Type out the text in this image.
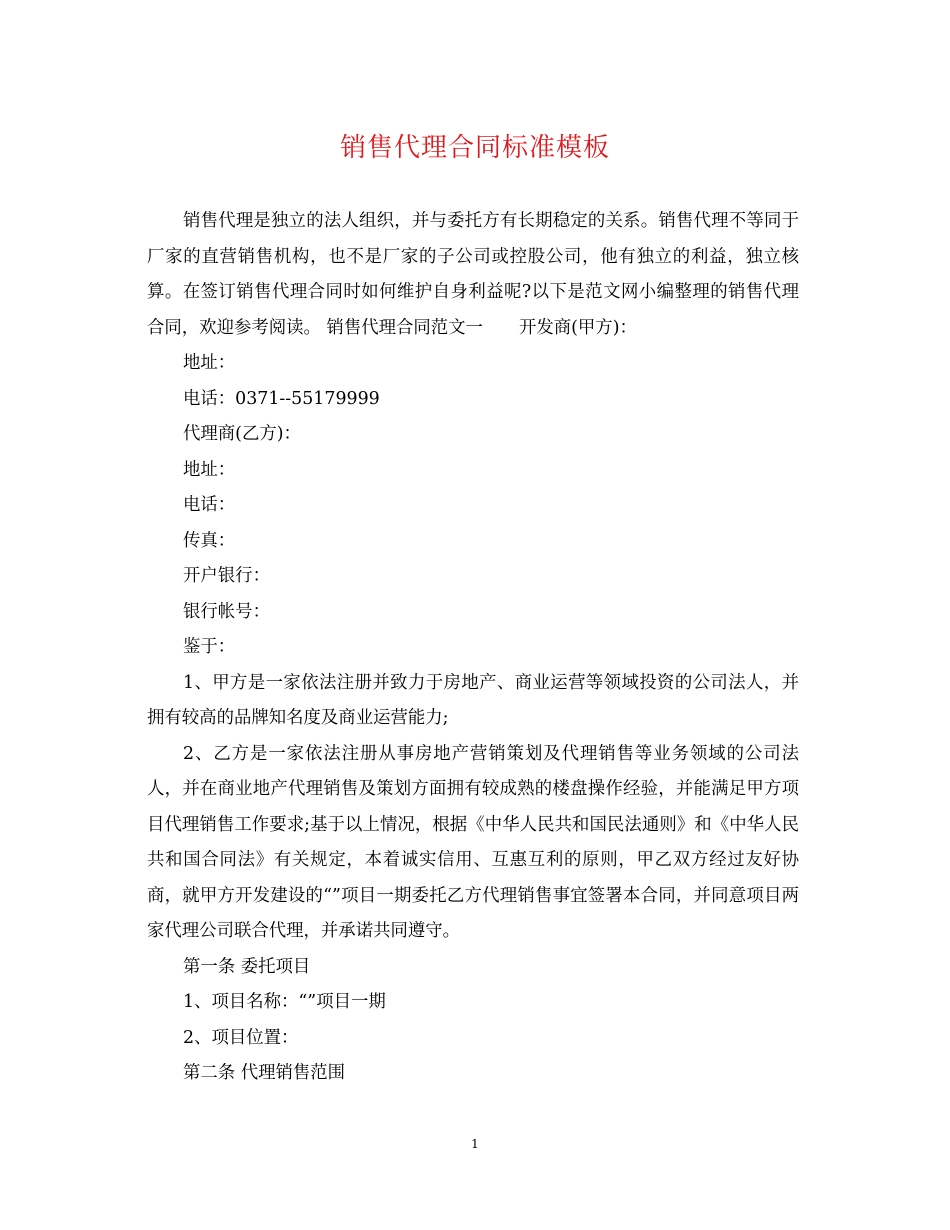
销售代理合同标准模板

销售代理是独立的法人组织，并与委托方有长期稳定的关系。销售代理不等同于厂家的直营销售机构，也不是厂家的子公司或控股公司，他有独立的利益，独立核算。在签订销售代理合同时如何维护自身利益呢?以下是范文网小编整理的销售代理合同，欢迎参考阅读。 销售代理合同范文一 开发商(甲方)：

地址：

电话：0371--55179999

代理商(乙方)：

地址：

电话：

传真：

开户银行：

银行帐号：

鉴于：

1、甲方是一家依法注册并致力于房地产、商业运营等领域投资的公司法人，并拥有较高的品牌知名度及商业运营能力;

2、乙方是一家依法注册从事房地产营销策划及代理销售等业务领域的公司法人，并在商业地产代理销售及策划方面拥有较成熟的楼盘操作经验，并能满足甲方项目代理销售工作要求;基于以上情况，根据《中华人民共和国民法通则》和《中华人民共和国合同法》有关规定，本着诚实信用、互惠互利的原则，甲乙双方经过友好协商，就甲方开发建设的“”项目一期委托乙方代理销售事宜签署本合同，并同意项目两家代理公司联合代理，并承诺共同遵守。

第一条 委托项目

1、项目名称：“”项目一期

2、项目位置：

第二条 代理销售范围

1
